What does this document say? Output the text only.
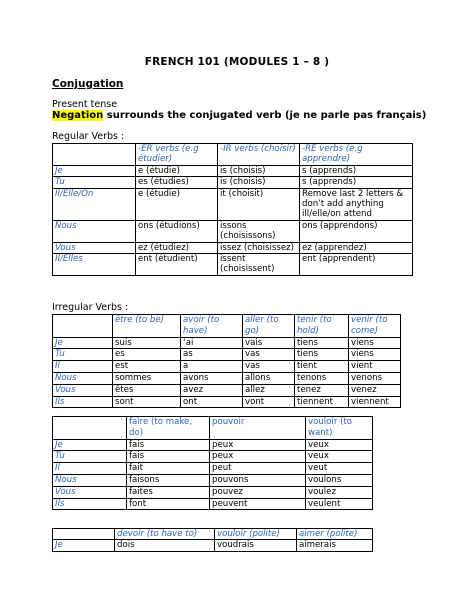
FRENCH 101 (MODULES 1 – 8 )
Conjugation
Present tense
Negation surrounds the conjugated verb (je ne parle pas français)
Regular Verbs :
	-ER verbs (e.g étudier)	-IR verbs (choisir)	-RE verbs (e.g apprendre)
Je	e (étudie)	is (choisis)	s (apprends)
Tu	es (étudies)	is (choisis)	s (apprends)
Il/Elle/On	e (étudie)	it (choisit)	Remove last 2 letters & don’t add anything ill/elle/on attend
Nous	ons (étudions)	issons (choisissons)	ons (apprendons)
Vous	ez (étudiez)	issez (choisissez)	ez (apprendez)
Il/Elles	ent (étudient)	issent (choisissent)	ent (apprendent)
Irregular Verbs :
	être (to be)	avoir (to have)	aller (to go)	tenir (to hold)	venir (to come)
Je	suis	‘ai	vais	tiens	viens
Tu	es	as	vas	tiens	viens
Il	est	a	vas	tient	vient
Nous	sommes	avons	allons	tenons	venons
Vous	êtes	avez	allez	tenez	venez
Ils	sont	ont	vont	tiennent	viennent
	faire (to make, do)	pouvoir	vouloir (to want)
Je	fais	peux	veux
Tu	fais	peux	veux
Il	fait	peut	veut
Nous	faisons	pouvons	voulons
Vous	faites	pouvez	voulez
Ils	font	peuvent	veulent
	devoir (to have to)	vouloir (polite)	aimer (polite)
Je	dois	voudrais	aimerais
